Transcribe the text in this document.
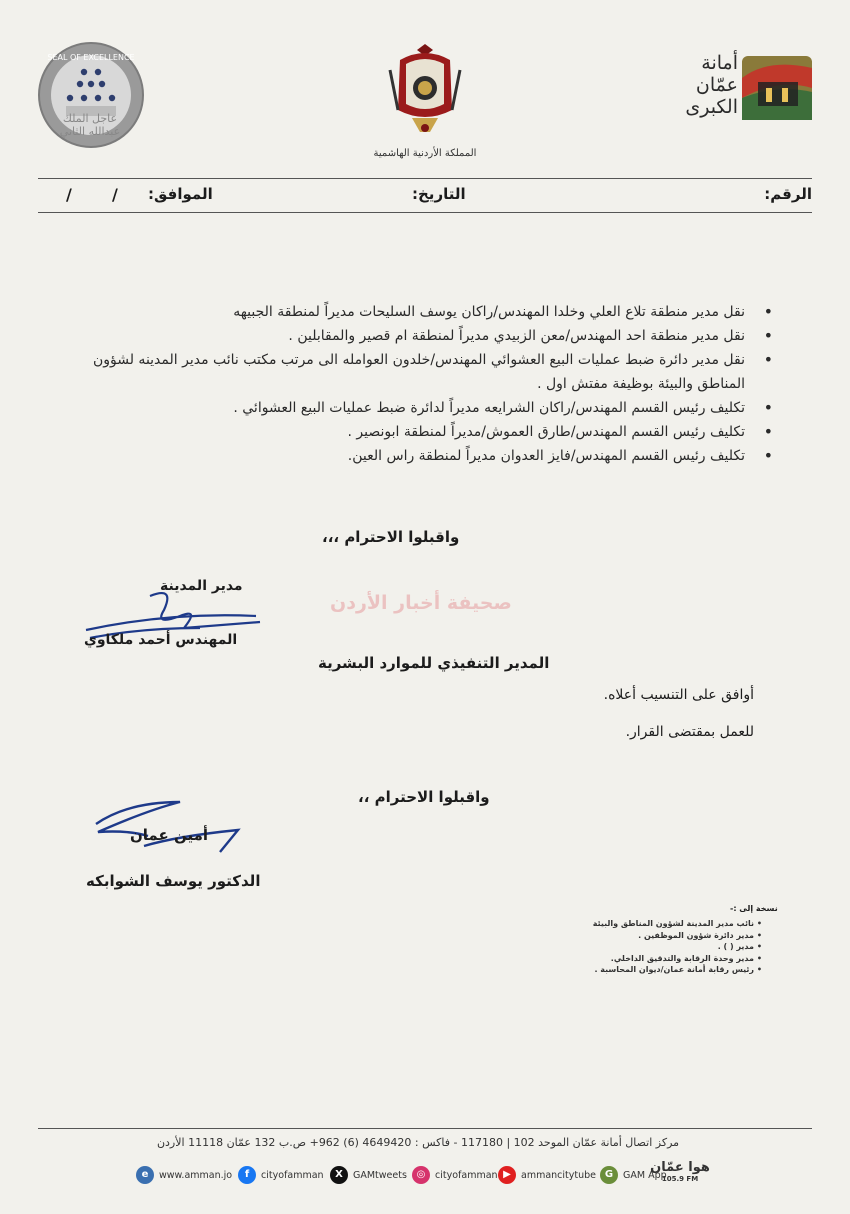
SEAL OF EXCELLENCE
عاجل الملك عبدالله الثاني
المملكة الأردنية الهاشمية
أمانة
عمّان
الكبرى
الرقم:
التاريخ:
الموافق:
/	/
• نقل مدير منطقة تلاع العلي وخلدا المهندس/راكان يوسف السليحات مديراً لمنطقة الجبيهه
• نقل مدير منطقة احد المهندس/معن الزبيدي مديراً لمنطقة ام قصير والمقابلين .
• نقل مدير دائرة ضبط عمليات البيع العشوائي المهندس/خلدون العوامله الى مرتب مكتب نائب مدير المدينه لشؤون المناطق والبيئة بوظيفة مفتش اول .
• تكليف رئيس القسم المهندس/راكان الشرايعه مديراً لدائرة ضبط عمليات البيع العشوائي .
• تكليف رئيس القسم المهندس/طارق العموش/مديراً لمنطقة ابونصير .
• تكليف رئيس القسم المهندس/فايز العدوان مديراً لمنطقة راس العين.
واقبلوا الاحترام ،،،
مدير المدينة
المهندس أحمد ملكاوي
صحيفة أخبار الأردن
المدير التنفيذي للموارد البشرية
أوافق على التنسيب أعلاه.
للعمل بمقتضى القرار.
واقبلوا الاحترام ،،
أمين عمان
الدكتور يوسف الشوابكه
نسخة إلى :-
• نائب مدير المدينة لشؤون المناطق والبيئة
• مدير دائرة شؤون الموظفين .
• مدير ( ) .
• مدير وحدة الرقابة والتدقيق الداخلي.
• رئيس رقابة أمانة عمان/ديوان المحاسبة .
مركز اتصال أمانة عمّان الموحد 102 | 117180 - فاكس : 4649420 (6) 962+ ص.ب 132 عمّان 11118 الأردن
e	www.amman.jo	f	cityofamman	X	GAMtweets ◎	cityofamman ▶	ammancitytube G	GAM App
هوا عمّان
105.9 FM
